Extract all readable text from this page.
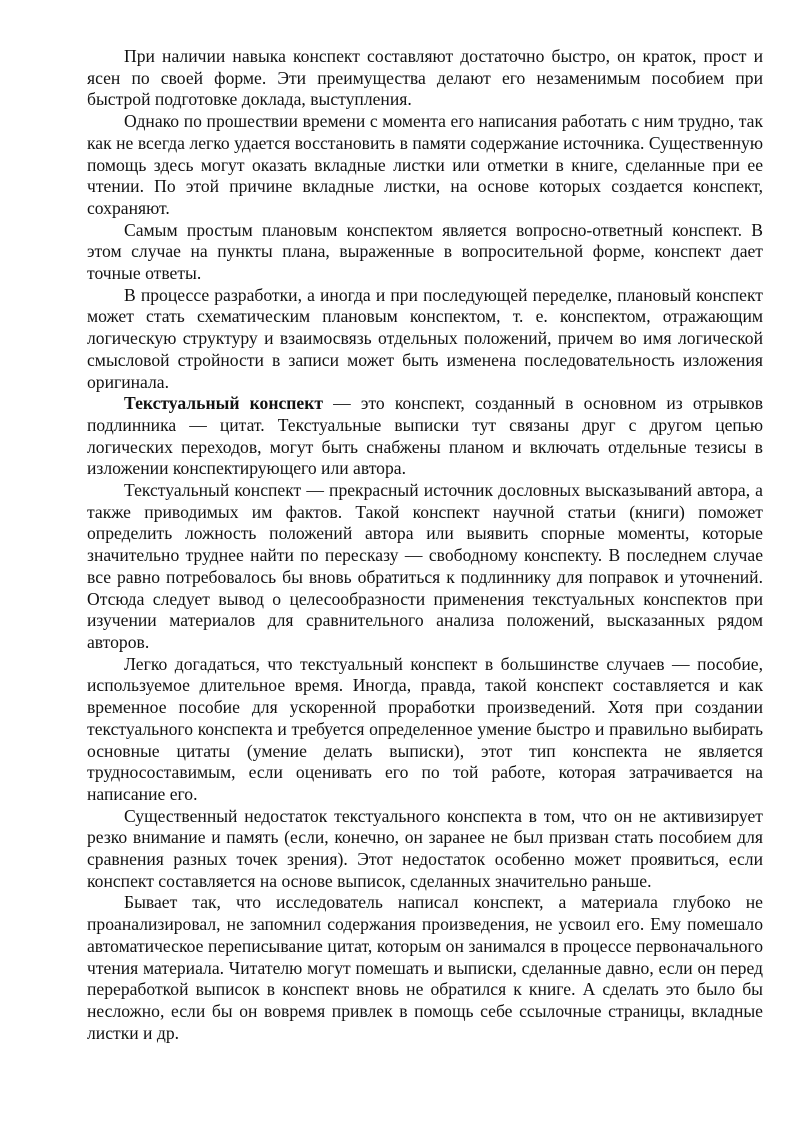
При наличии навыка конспект составляют достаточно быстро, он краток, прост и ясен по своей форме. Эти преимущества делают его незаменимым пособием при быстрой подготовке доклада, выступления.

Однако по прошествии времени с момента его написания работать с ним трудно, так как не всегда легко удается восстановить в памяти содержание источника. Существенную помощь здесь могут оказать вкладные листки или отметки в книге, сделанные при ее чтении. По этой причине вкладные листки, на основе которых создается конспект, сохраняют.

Самым простым плановым конспектом является вопросно-ответный конспект. В этом случае на пункты плана, выраженные в вопросительной форме, конспект дает точные ответы.

В процессе разработки, а иногда и при последующей переделке, плановый конспект может стать схематическим плановым конспектом, т. е. конспектом, отражающим логическую структуру и взаимосвязь отдельных положений, причем во имя логической смысловой стройности в записи может быть изменена последовательность изложения оригинала.

Текстуальный конспект — это конспект, созданный в основном из отрывков подлинника — цитат. Текстуальные выписки тут связаны друг с другом цепью логических переходов, могут быть снабжены планом и включать отдельные тезисы в изложении конспектирующего или автора.

Текстуальный конспект — прекрасный источник дословных высказываний автора, а также приводимых им фактов. Такой конспект научной статьи (книги) поможет определить ложность положений автора или выявить спорные моменты, которые значительно труднее найти по пересказу — свободному конспекту. В последнем случае все равно потребовалось бы вновь обратиться к подлиннику для поправок и уточнений. Отсюда следует вывод о целесообразности применения текстуальных конспектов при изучении материалов для сравнительного анализа положений, высказанных рядом авторов.

Легко догадаться, что текстуальный конспект в большинстве случаев — пособие, используемое длительное время. Иногда, правда, такой конспект составляется и как временное пособие для ускоренной проработки произведений. Хотя при создании текстуального конспекта и требуется определенное умение быстро и правильно выбирать основные цитаты (умение делать выписки), этот тип конспекта не является трудносоставимым, если оценивать его по той работе, которая затрачивается на написание его.

Существенный недостаток текстуального конспекта в том, что он не активизирует резко внимание и память (если, конечно, он заранее не был призван стать пособием для сравнения разных точек зрения). Этот недостаток особенно может проявиться, если конспект составляется на основе выписок, сделанных значительно раньше.

Бывает так, что исследователь написал конспект, а материала глубоко не проанализировал, не запомнил содержания произведения, не усвоил его. Ему помешало автоматическое переписывание цитат, которым он занимался в процессе первоначального чтения материала. Читателю могут помешать и выписки, сделанные давно, если он перед переработкой выписок в конспект вновь не обратился к книге. А сделать это было бы несложно, если бы он вовремя привлек в помощь себе ссылочные страницы, вкладные листки и др.
